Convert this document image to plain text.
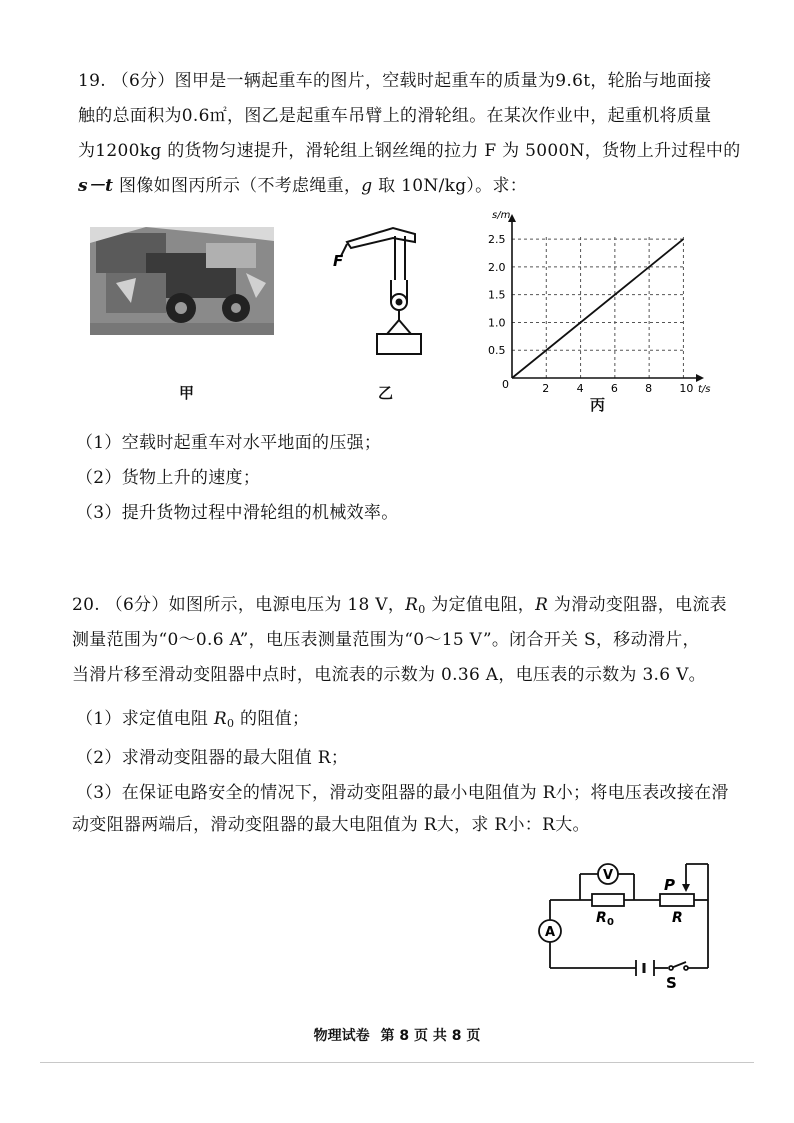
19. （6分）图甲是一辆起重车的图片，空载时起重车的质量为9.6t，轮胎与地面接
触的总面积为0.6㎡，图乙是起重车吊臂上的滑轮组。在某次作业中，起重机将质量
为1200kg 的货物匀速提升，滑轮组上钢丝绳的拉力 F 为 5000N，货物上升过程中的
s－t 图像如图丙所示（不考虑绳重，g 取 10N/kg）。求：
甲
F
乙	2 4 6 8 10
0.5
1.0
1.5
2.0
2.5
0	t/s
s/m
丙
（1）空载时起重车对水平地面的压强；
（2）货物上升的速度；
（3）提升货物过程中滑轮组的机械效率。
20. （6分）如图所示，电源电压为 18 V，$R_0$ 为定值电阻，R 为滑动变阻器，电流表
测量范围为“0～0.6 A”，电压表测量范围为“0～15 V”。闭合开关 S，移动滑片，
当滑片移至滑动变阻器中点时，电流表的示数为 0.36 A，电压表的示数为 3.6 V。
（1）求定值电阻 $R_0$ 的阻值；
（2）求滑动变阻器的最大阻值 R；
（3）在保证电路安全的情况下，滑动变阻器的最小电阻值为 R小；将电压表改接在滑
动变阻器两端后，滑动变阻器的最大电阻值为 R大，求 R小：R大。
V
A
P
R 0	R
S
物理试卷 第 8 页 共 8 页
